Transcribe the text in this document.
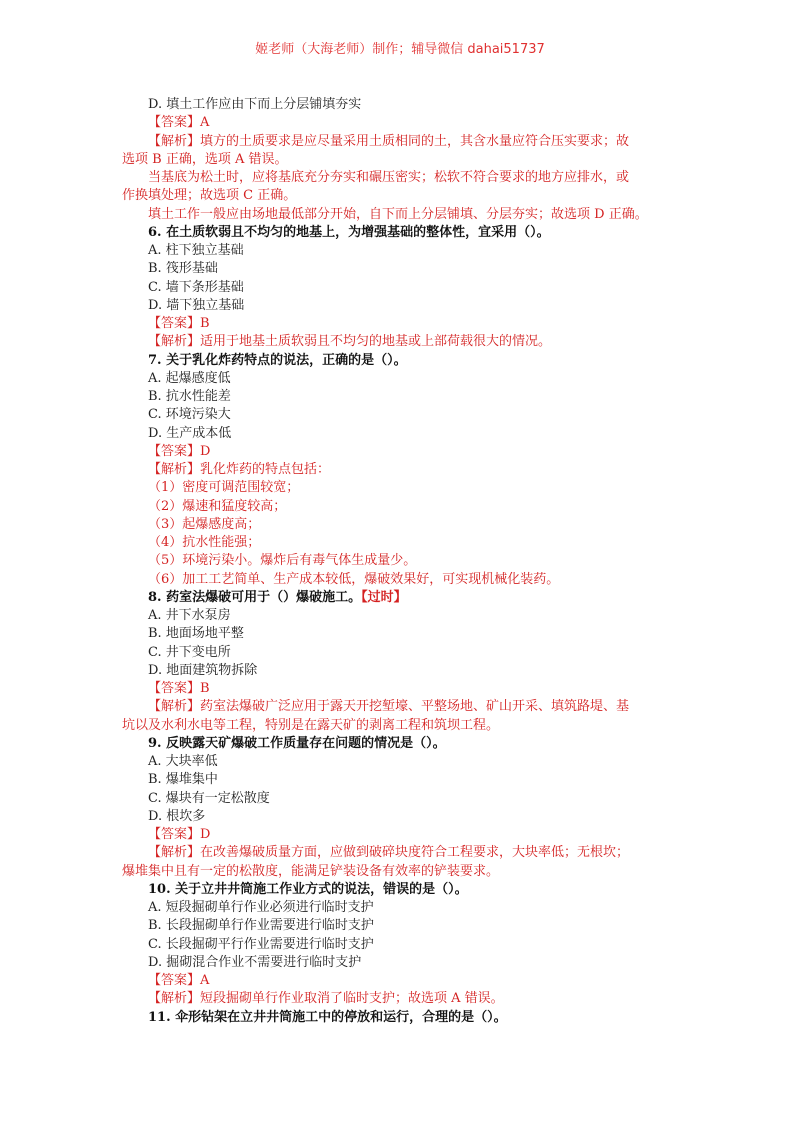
姬老师（大海老师）制作；辅导微信 dahai51737
D. 填土工作应由下而上分层铺填夯实
【答案】A
【解析】填方的土质要求是应尽量采用土质相同的土，其含水量应符合压实要求；故
选项 B 正确，选项 A 错误。
当基底为松土时，应将基底充分夯实和碾压密实；松软不符合要求的地方应排水，或
作换填处理；故选项 C 正确。
填土工作一般应由场地最低部分开始，自下而上分层铺填、分层夯实；故选项 D 正确。
6. 在土质软弱且不均匀的地基上，为增强基础的整体性，宜采用（）。
A. 柱下独立基础
B. 筏形基础
C. 墙下条形基础
D. 墙下独立基础
【答案】B
【解析】适用于地基土质软弱且不均匀的地基或上部荷载很大的情况。
7. 关于乳化炸药特点的说法，正确的是（）。
A. 起爆感度低
B. 抗水性能差
C. 环境污染大
D. 生产成本低
【答案】D
【解析】乳化炸药的特点包括：
（1）密度可调范围较宽；
（2）爆速和猛度较高；
（3）起爆感度高；
（4）抗水性能强；
（5）环境污染小。爆炸后有毒气体生成量少。
（6）加工工艺简单、生产成本较低，爆破效果好，可实现机械化装药。
8. 药室法爆破可用于（）爆破施工。【过时】
A. 井下水泵房
B. 地面场地平整
C. 井下变电所
D. 地面建筑物拆除
【答案】B
【解析】药室法爆破广泛应用于露天开挖堑壕、平整场地、矿山开采、填筑路堤、基
坑以及水利水电等工程，特别是在露天矿的剥离工程和筑坝工程。
9. 反映露天矿爆破工作质量存在问题的情况是（）。
A. 大块率低
B. 爆堆集中
C. 爆块有一定松散度
D. 根坎多
【答案】D
【解析】在改善爆破质量方面，应做到破碎块度符合工程要求，大块率低；无根坎；
爆堆集中且有一定的松散度，能满足铲装设备有效率的铲装要求。
10. 关于立井井筒施工作业方式的说法，错误的是（）。
A. 短段掘砌单行作业必须进行临时支护
B. 长段掘砌单行作业需要进行临时支护
C. 长段掘砌平行作业需要进行临时支护
D. 掘砌混合作业不需要进行临时支护
【答案】A
【解析】短段掘砌单行作业取消了临时支护；故选项 A 错误。
11. 伞形钻架在立井井筒施工中的停放和运行，合理的是（）。
